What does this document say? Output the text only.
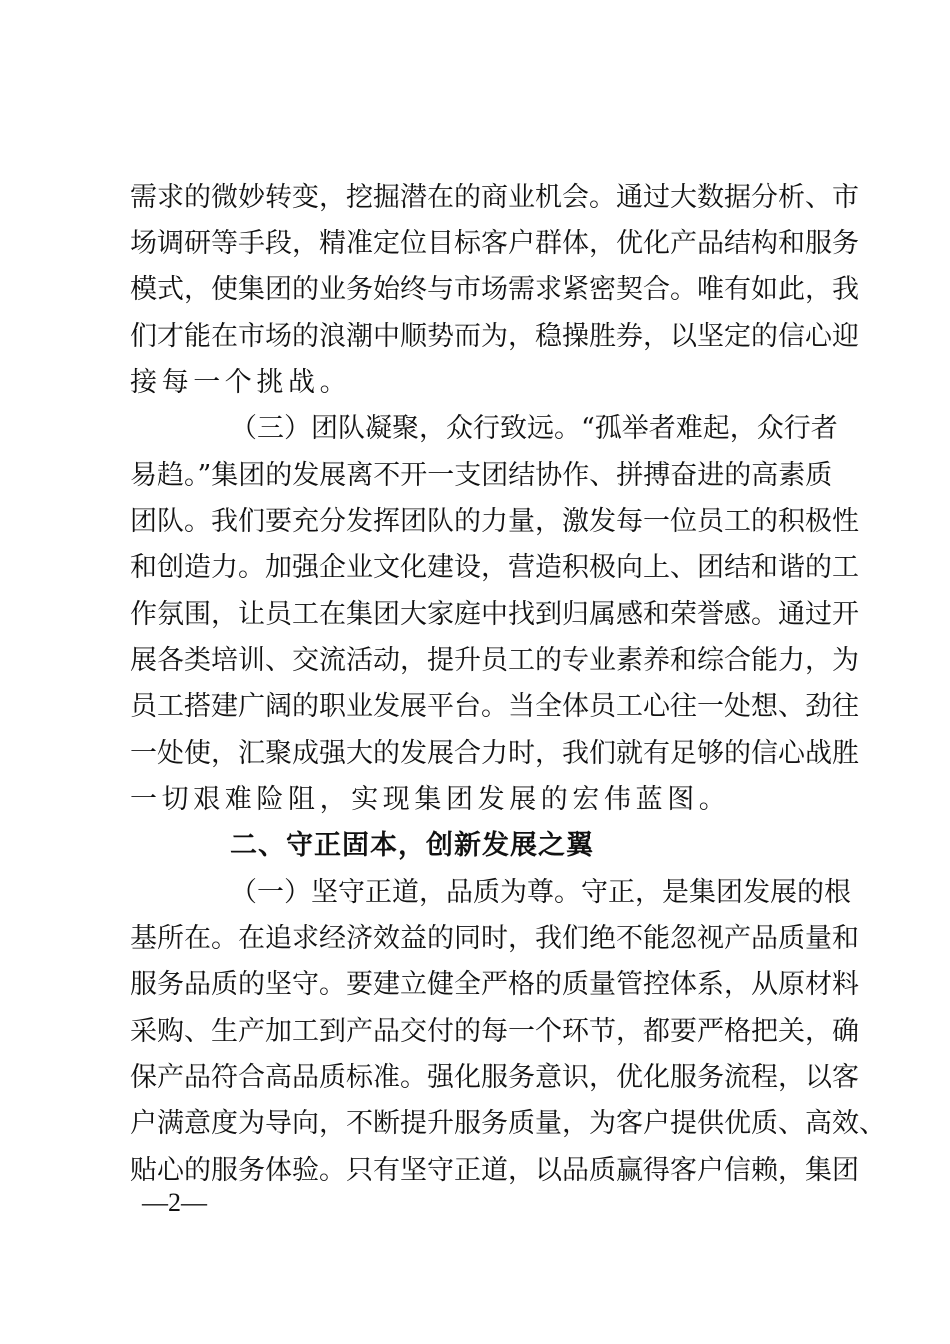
需求的微妙转变，挖掘潜在的商业机会。通过大数据分析、市
场调研等手段，精准定位目标客户群体，优化产品结构和服务
模式，使集团的业务始终与市场需求紧密契合。唯有如此，我
们才能在市场的浪潮中顺势而为，稳操胜券，以坚定的信心迎
接每一个挑战。
（三）团队凝聚，众行致远。“孤举者难起，众行者
易趋。”集团的发展离不开一支团结协作、拼搏奋进的高素质
团队。我们要充分发挥团队的力量，激发每一位员工的积极性
和创造力。加强企业文化建设，营造积极向上、团结和谐的工
作氛围，让员工在集团大家庭中找到归属感和荣誉感。通过开
展各类培训、交流活动，提升员工的专业素养和综合能力，为
员工搭建广阔的职业发展平台。当全体员工心往一处想、劲往
一处使，汇聚成强大的发展合力时，我们就有足够的信心战胜
一切艰难险阻，实现集团发展的宏伟蓝图。
二、守正固本，创新发展之翼
（一）坚守正道，品质为尊。守正，是集团发展的根
基所在。在追求经济效益的同时，我们绝不能忽视产品质量和
服务品质的坚守。要建立健全严格的质量管控体系，从原材料
采购、生产加工到产品交付的每一个环节，都要严格把关，确
保产品符合高品质标准。强化服务意识，优化服务流程，以客
户满意度为导向，不断提升服务质量，为客户提供优质、高效、
贴心的服务体验。只有坚守正道，以品质赢得客户信赖，集团
—2—
